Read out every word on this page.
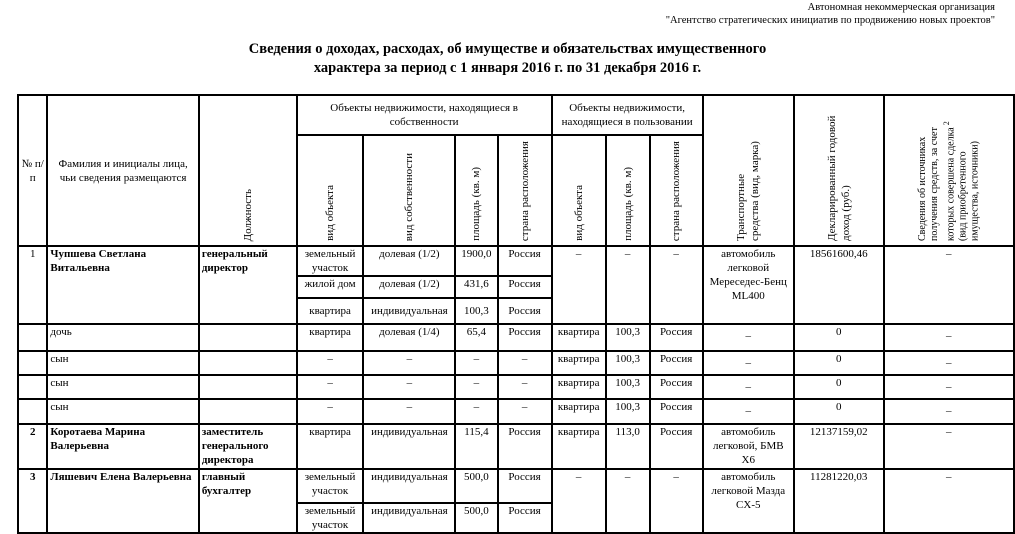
Автономная некоммерческая организация
"Агентство стратегических инициатив по продвижению новых проектов"
Сведения о доходах, расходах, об имуществе и обязательствах имущественного
характера за период с 1 января 2016 г. по 31 декабря 2016 г.
№ п/п	Фамилия и инициалы лица, чьи сведения размещаются	Должность	Объекты недвижимости, находящиеся в собственности				Объекты недвижимости, находящиеся в пользовании			Транспортные средства (вид, марка)	Декларированный годовой доход (руб.)	Сведения об источниках получения средств, за счет которых совершена сделка $^2$ (вид приобретенного имущества, источники)

			вид объекта	вид собственности	площадь (кв. м)	страна расположения	вид объекта	площадь (кв. м)	страна расположения			

1	Чупшева Светлана Витальевна	генеральный директор	земельный участок	долевая (1/2)	1900,0	Россия	–	–	–	автомобиль легковой Мереседес-Бенц ML400	18561600,46	–
			жилой дом	долевая (1/2)	431,6	Россия						
			квартира	индивидуальная	100,3	Россия						
	дочь		квартира	долевая (1/4)	65,4	Россия	квартира	100,3	Россия	_	0	_
	сын		–	–	–	–	квартира	100,3	Россия	_	0	_
	сын		–	–	–	–	квартира	100,3	Россия	_	0	_
	сын		–	–	–	–	квартира	100,3	Россия	_	0	_
2	Коротаева Марина Валерьевна	заместитель генерального директора	квартира	индивидуальная	115,4	Россия	квартира	113,0	Россия	автомобиль легковой, БМВ X6	12137159,02	–
3	Ляшевич Елена Валерьевна	главный бухгалтер	земельный участок	индивидуальная	500,0	Россия	–	–	–	автомобиль легковой Мазда CX-5	11281220,03	–
			земельный участок	индивидуальная	500,0	Россия						
